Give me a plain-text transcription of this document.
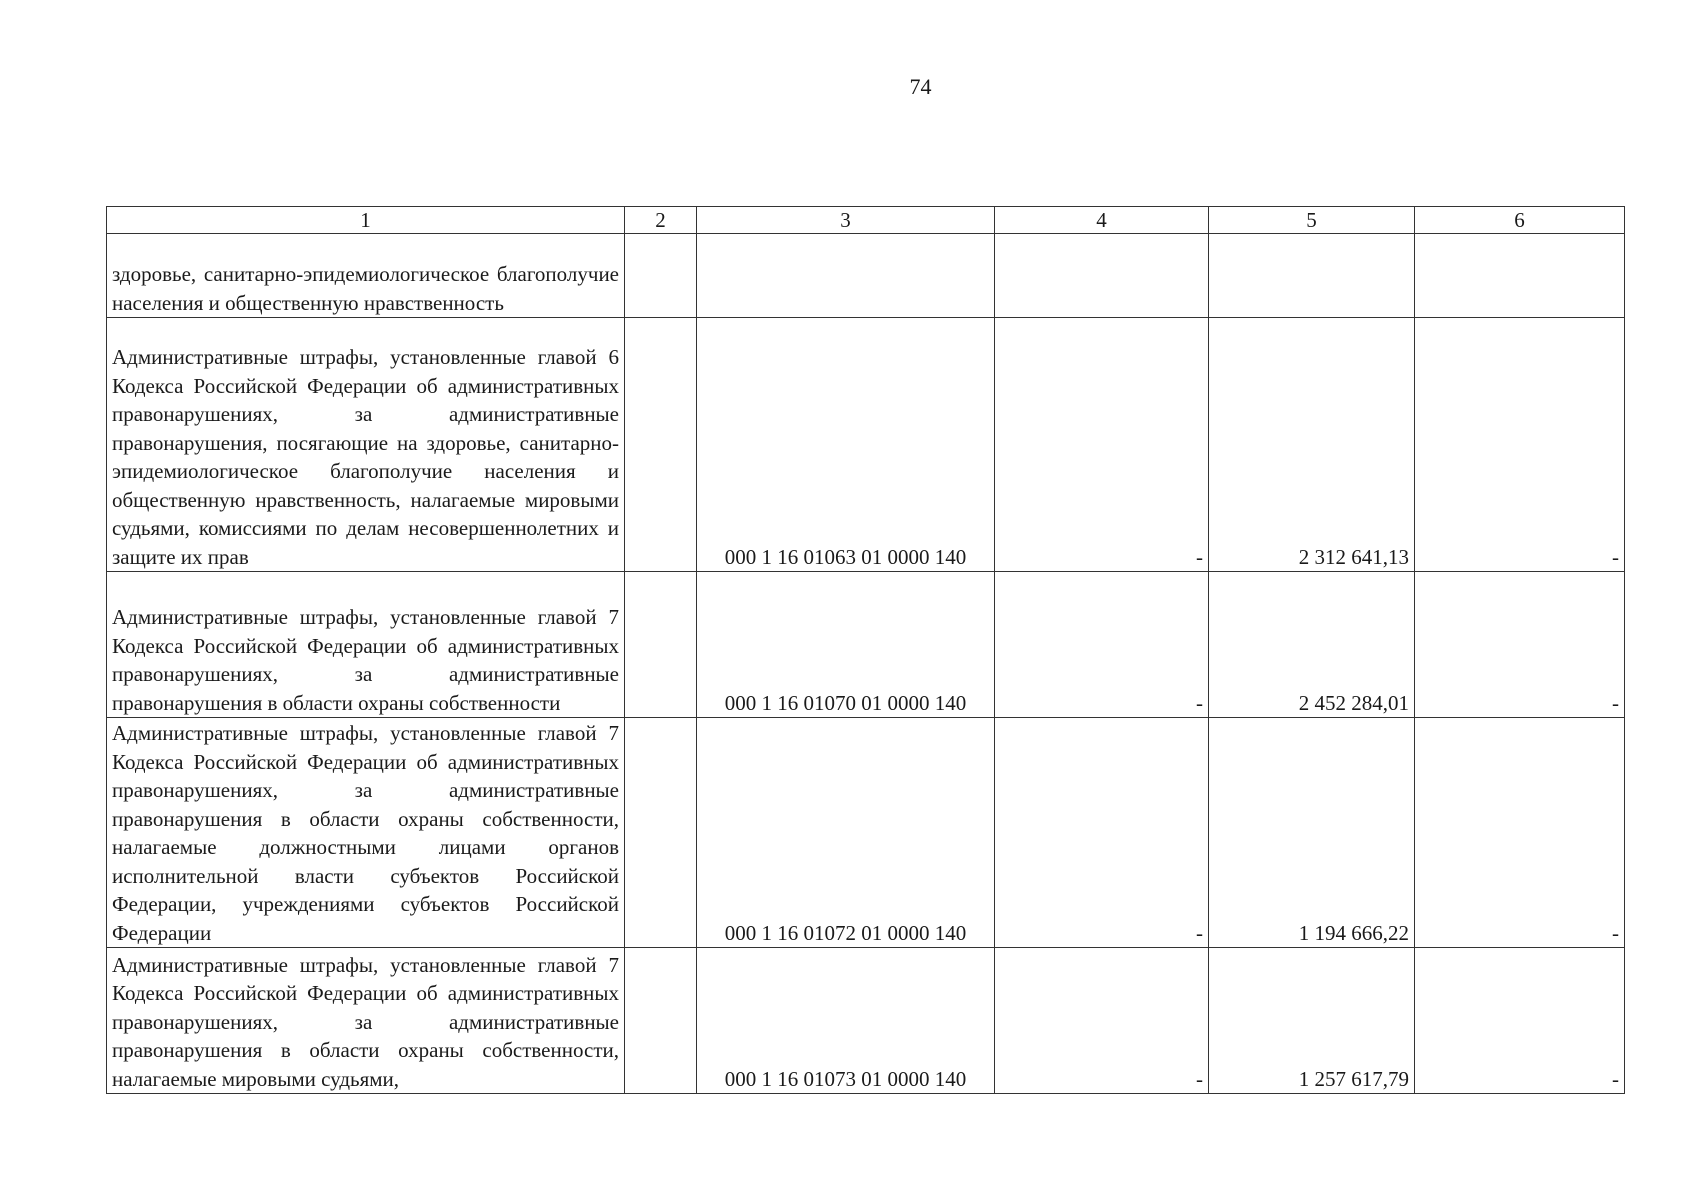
74
1	2	3	4	5	6
здоровье, санитарно-эпидемиологическое благополучие населения и общественную нравственность					
Административные штрафы, установленные главой 6 Кодекса Российской Федерации об административных правонарушениях, за административные правонарушения, посягающие на здоровье, санитарно-эпидемиологическое благополучие населения и общественную нравственность, налагаемые мировыми судьями, комиссиями по делам несовершеннолетних и защите их прав		000 1 16 01063 01 0000 140	-	2 312 641,13	-
Административные штрафы, установленные главой 7 Кодекса Российской Федерации об административных правонарушениях, за административные правонарушения в области охраны собственности		000 1 16 01070 01 0000 140	-	2 452 284,01	-
Административные штрафы, установленные главой 7 Кодекса Российской Федерации об административных правонарушениях, за административные правонарушения в области охраны собственности, налагаемые должностными лицами органов исполнительной власти субъектов Российской Федерации, учреждениями субъектов Российской Федерации		000 1 16 01072 01 0000 140	-	1 194 666,22	-
Административные штрафы, установленные главой 7 Кодекса Российской Федерации об административных правонарушениях, за административные правонарушения в области охраны собственности, налагаемые мировыми судьями,		000 1 16 01073 01 0000 140	-	1 257 617,79	-
